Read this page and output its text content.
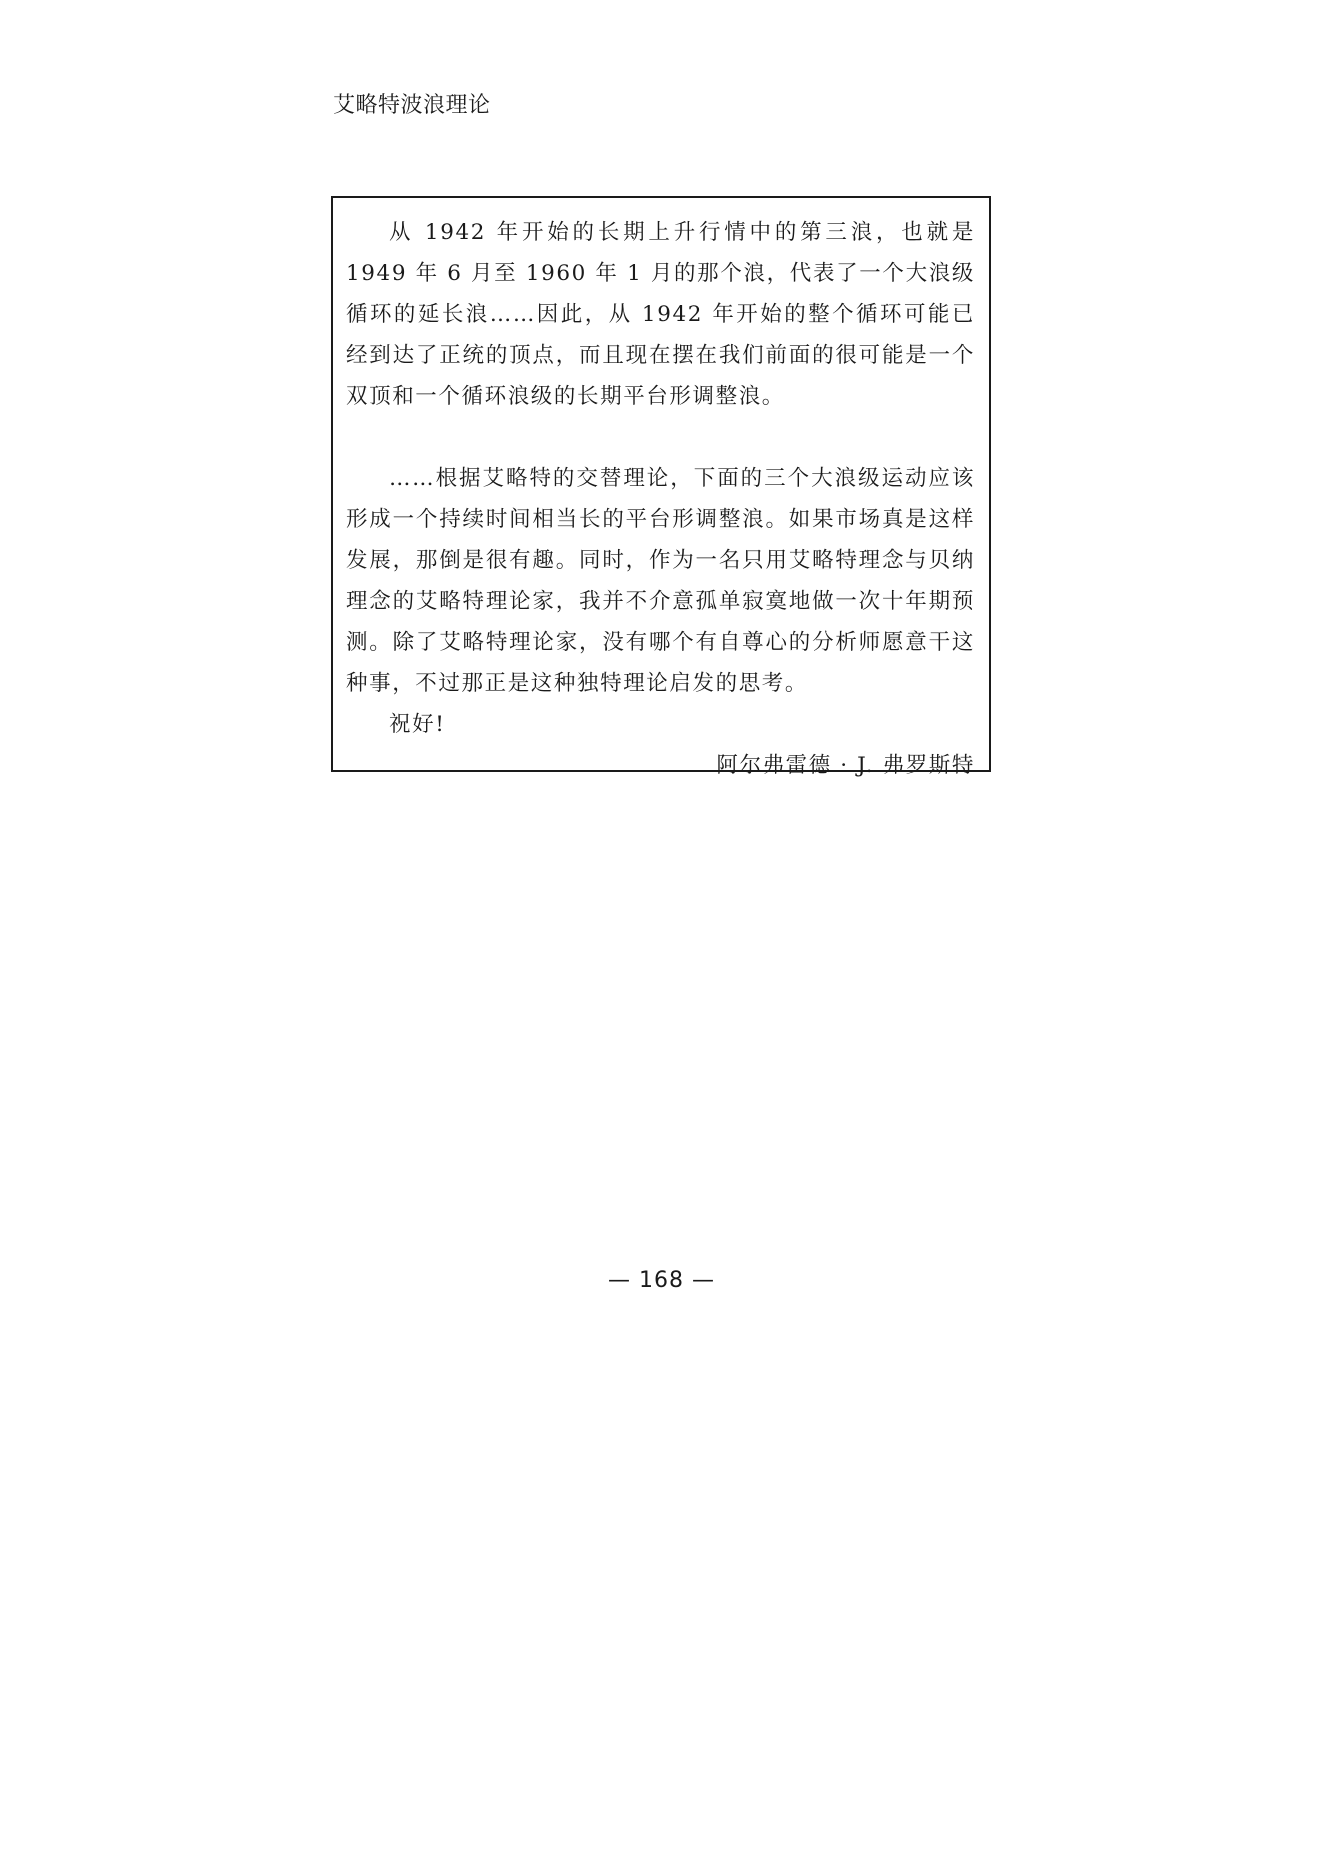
艾略特波浪理论

从 1942 年开始的长期上升行情中的第三浪，也就是 1949 年 6 月至 1960 年 1 月的那个浪，代表了一个大浪级循环的延长浪……因此，从 1942 年开始的整个循环可能已经到达了正统的顶点，而且现在摆在我们前面的很可能是一个双顶和一个循环浪级的长期平台形调整浪。

……根据艾略特的交替理论，下面的三个大浪级运动应该形成一个持续时间相当长的平台形调整浪。如果市场真是这样发展，那倒是很有趣。同时，作为一名只用艾略特理念与贝纳理念的艾略特理论家，我并不介意孤单寂寞地做一次十年期预测。除了艾略特理论家，没有哪个有自尊心的分析师愿意干这种事，不过那正是这种独特理论启发的思考。

祝好!

阿尔弗雷德 · J. 弗罗斯特

— 168 —
